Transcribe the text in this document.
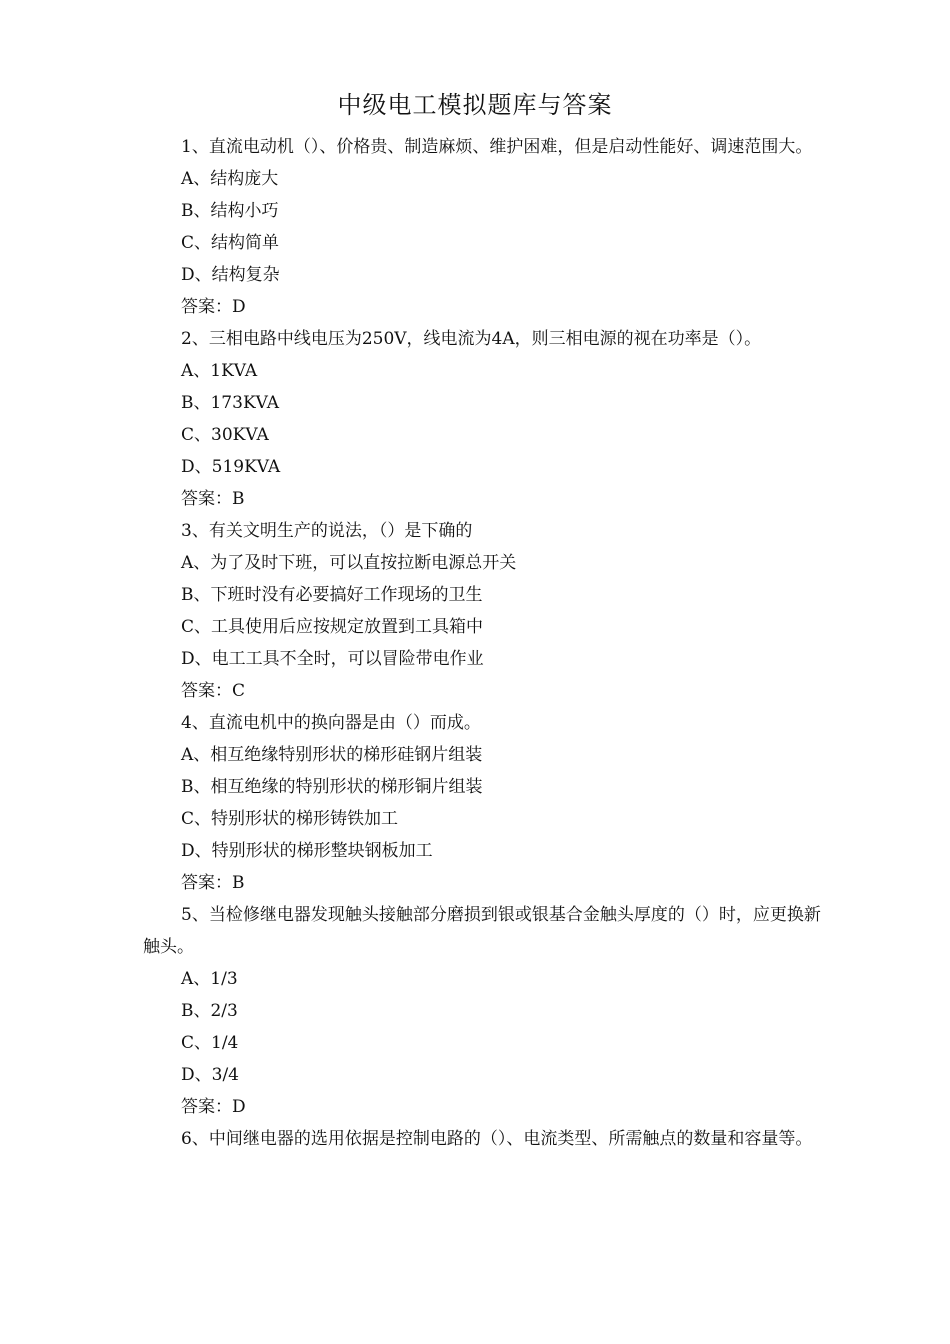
中级电工模拟题库与答案

1、直流电动机（）、价格贵、制造麻烦、维护困难，但是启动性能好、调速范围大。

A、结构庞大

B、结构小巧

C、结构简单

D、结构复杂

答案：D

2、三相电路中线电压为250V，线电流为4A，则三相电源的视在功率是（）。

A、1KVA

B、173KVA

C、30KVA

D、519KVA

答案：B

3、有关文明生产的说法，（）是下确的

A、为了及时下班，可以直按拉断电源总开关

B、下班时没有必要搞好工作现场的卫生

C、工具使用后应按规定放置到工具箱中

D、电工工具不全时，可以冒险带电作业

答案：C

4、直流电机中的换向器是由（）而成。

A、相互绝缘特别形状的梯形硅钢片组装

B、相互绝缘的特别形状的梯形铜片组装

C、特别形状的梯形铸铁加工

D、特别形状的梯形整块钢板加工

答案：B

5、当检修继电器发现触头接触部分磨损到银或银基合金触头厚度的（）时，应更换新触头。

A、1/3

B、2/3

C、1/4

D、3/4

答案：D

6、中间继电器的选用依据是控制电路的（）、电流类型、所需触点的数量和容量等。
